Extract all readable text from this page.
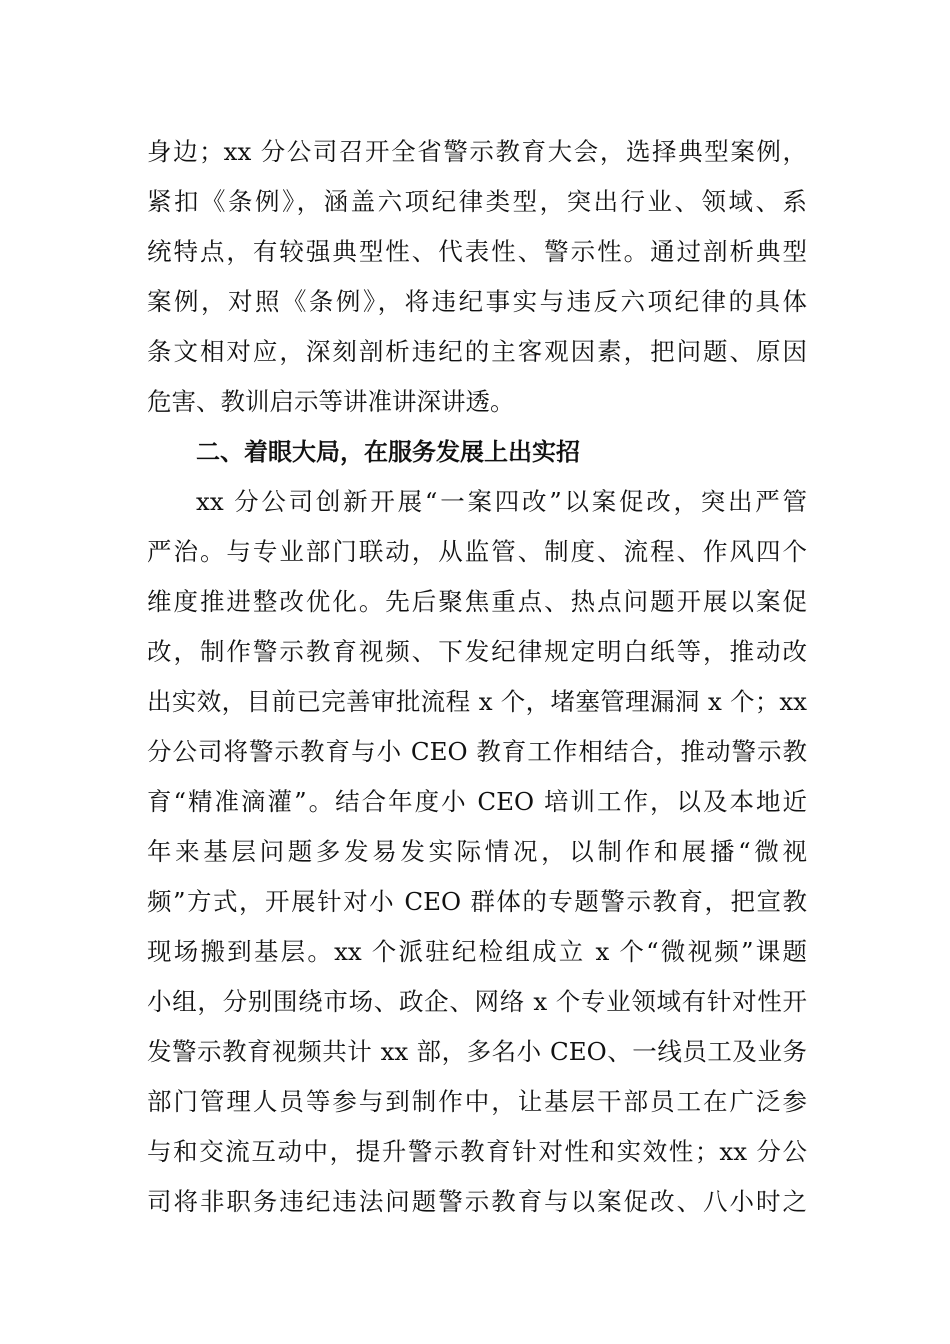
身边；xx 分公司召开全省警示教育大会，选择典型案例，
紧扣《条例》，涵盖六项纪律类型，突出行业、领域、系
统特点，有较强典型性、代表性、警示性。通过剖析典型
案例，对照《条例》，将违纪事实与违反六项纪律的具体
条文相对应，深刻剖析违纪的主客观因素，把问题、原因
危害、教训启示等讲准讲深讲透。
二、着眼大局，在服务发展上出实招
xx 分公司创新开展“一案四改”以案促改，突出严管
严治。与专业部门联动，从监管、制度、流程、作风四个
维度推进整改优化。先后聚焦重点、热点问题开展以案促
改，制作警示教育视频、下发纪律规定明白纸等，推动改
出实效，目前已完善审批流程 x 个，堵塞管理漏洞 x 个；xx
分公司将警示教育与小 CEO 教育工作相结合，推动警示教
育“精准滴灌”。结合年度小 CEO 培训工作，以及本地近
年来基层问题多发易发实际情况，以制作和展播“微视
频”方式，开展针对小 CEO 群体的专题警示教育，把宣教
现场搬到基层。xx 个派驻纪检组成立 x 个“微视频”课题
小组，分别围绕市场、政企、网络 x 个专业领域有针对性开
发警示教育视频共计 xx 部，多名小 CEO、一线员工及业务
部门管理人员等参与到制作中，让基层干部员工在广泛参
与和交流互动中，提升警示教育针对性和实效性；xx 分公
司将非职务违纪违法问题警示教育与以案促改、八小时之
